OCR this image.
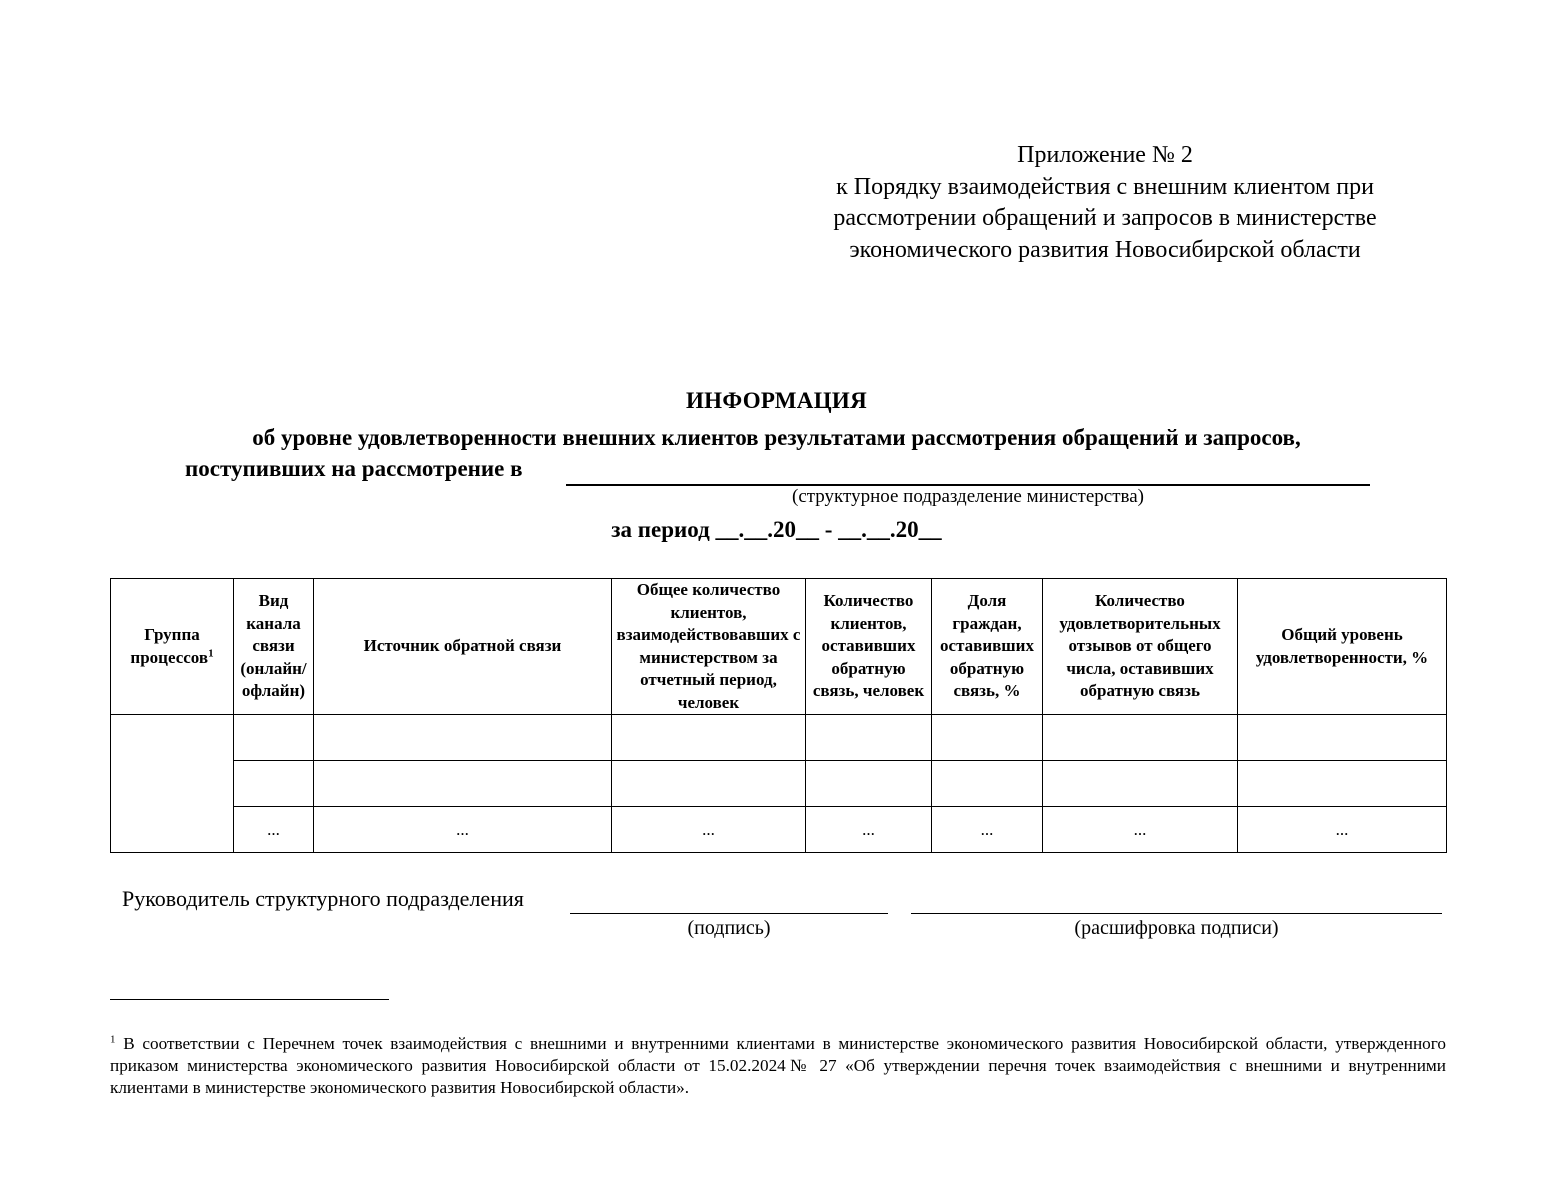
Приложение № 2
к Порядку взаимодействия с внешним клиентом при
рассмотрении обращений и запросов в министерстве
экономического развития Новосибирской области
ИНФОРМАЦИЯ
об уровне удовлетворенности внешних клиентов результатами рассмотрения обращений и запросов,
поступивших на рассмотрение в
(структурное подразделение министерства)
за период __.__.20__ - __.__.20__
Группа процессов$^1$	Вид канала связи (онлайн/ офлайн)	Источник обратной связи	Общее количество клиентов, взаимодействовавших с министерством за отчетный период, человек	Количество клиентов, оставивших обратную связь, человек	Доля граждан, оставивших обратную связь, %	Количество удовлетворительных отзывов от общего числа, оставивших обратную связь	Общий уровень удовлетворенности, %

	...	...	...	...	...	...	...
Руководитель структурного подразделения
(подпись)	(расшифровка подписи)
$^1$ В соответствии с Перечнем точек взаимодействия с внешними и внутренними клиентами в министерстве экономического развития Новосибирской области, утвержденного приказом министерства экономического развития Новосибирской области от 15.02.2024№ 27 «Об утверждении перечня точек взаимодействия с внешними и внутренними клиентами в министерстве экономического развития Новосибирской области».
